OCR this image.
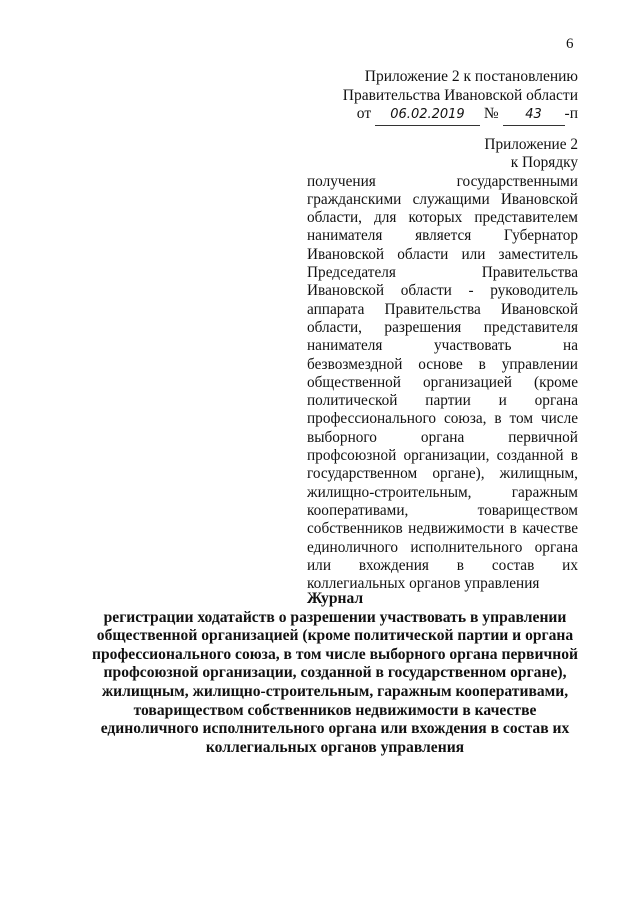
6
Приложение 2 к постановлению
Правительства Ивановской области
от 06.02.2019 № 43 -п
Приложение 2
к Порядку
получения государственными
гражданскими служащими Ивановской
области, для которых представителем
нанимателя является Губернатор
Ивановской области или заместитель
Председателя Правительства
Ивановской области - руководитель
аппарата Правительства Ивановской
области, разрешения представителя
нанимателя участвовать на
безвозмездной основе в управлении
общественной организацией (кроме
политической партии и органа
профессионального союза, в том числе
выборного органа первичной
профсоюзной организации, созданной в
государственном органе), жилищным,
жилищно-строительным, гаражным
кооперативами, товариществом
собственников недвижимости в качестве
единоличного исполнительного органа
или вхождения в состав их
коллегиальных органов управления
Журнал
регистрации ходатайств о разрешении участвовать в управлении
общественной организацией (кроме политической партии и органа
профессионального союза, в том числе выборного органа первичной
профсоюзной организации, созданной в государственном органе),
жилищным, жилищно-строительным, гаражным кооперативами,
товариществом собственников недвижимости в качестве
единоличного исполнительного органа или вхождения в состав их
коллегиальных органов управления
